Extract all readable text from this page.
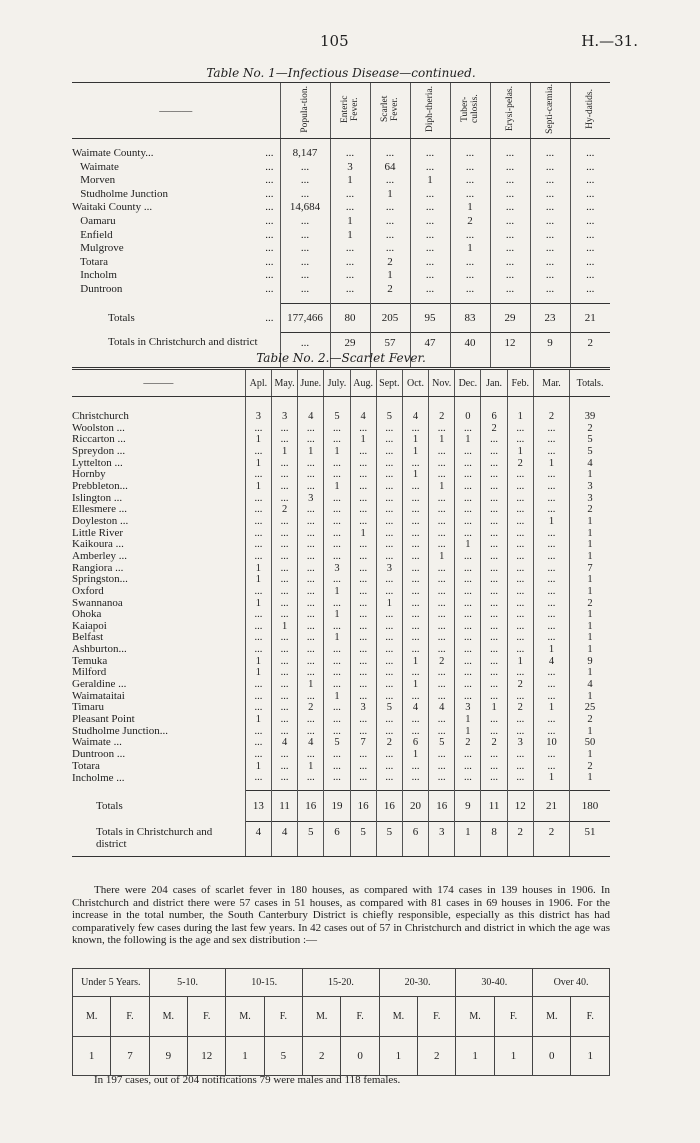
105	H.—31.
Table No. 1—Infectious Disease—continued.
———	Popula-tion.	Enteric Fever.	Scarlet Fever.	Diph-theria.	Tuber-culosis.	Erysi-pelas.	Septi-cæmia.	Hy-datids.
Waimate County... ...	8,147	...	...	...	...	...	...	...
Waimate ...	...	3	64	...	...	...	...	...
Morven ...	...	1	...	1	...	...	...	...
Studholme Junction ...	...	...	1	...	...	...	...	...
Waitaki County ... ...	14,684	...	...	...	1	...	...	...
Oamaru ...	...	1	...	...	2	...	...	...
Enfield ...	...	1	...	...	...	...	...	...
Mulgrove ...	...	...	...	...	1	...	...	...
Totara ...	...	...	2	...	...	...	...	...
Incholm ...	...	...	1	...	...	...	...	...
Duntroon ...	...	...	2	...	...	...	...	...
Totals ...	177,466	80	205	95	83	29	23	21
Totals in Christchurch and district	...	29	57	47	40	12	9	2
Table No. 2.—Scarlet Fever.
———	Apl.	May.	June.	July.	Aug.	Sept.	Oct.	Nov.	Dec.	Jan.	Feb.	Mar.	Totals.
Christchurch	3	3	4	5	4	5	4	2	0	6	1	2	39
Woolston ...	...	...	...	...	...	...	...	...	...	2	...	...	2
Riccarton ...	1	...	...	...	1	...	1	1	1	...	...	...	5
Spreydon ...	...	1	1	1	...	...	1	...	...	...	1	...	5
Lyttelton ...	1	...	...	...	...	...	...	...	...	...	2	1	4
Hornby	...	...	...	...	...	...	1	...	...	...	...	...	1
Prebbleton...	1	...	...	1	...	...	...	1	...	...	...	...	3
Islington ...	...	...	3	...	...	...	...	...	...	...	...	...	3
Ellesmere ...	...	2	...	...	...	...	...	...	...	...	...	...	2
Doyleston ...	...	...	...	...	...	...	...	...	...	...	...	1	1
Little River	...	...	...	...	1	...	...	...	...	...	...	...	1
Kaikoura ...	...	...	...	...	...	...	...	...	1	...	...	...	1
Amberley ...	...	...	...	...	...	...	...	1	...	...	...	...	1
Rangiora ...	1	...	...	3	...	3	...	...	...	...	...	...	7
Springston...	1	...	...	...	...	...	...	...	...	...	...	...	1
Oxford	...	...	...	1	...	...	...	...	...	...	...	...	1
Swannanoa	1	...	...	...	...	1	...	...	...	...	...	...	2
Ohoka	...	...	...	1	...	...	...	...	...	...	...	...	1
Kaiapoi	...	1	...	...	...	...	...	...	...	...	...	...	1
Belfast	...	...	...	1	...	...	...	...	...	...	...	...	1
Ashburton...	...	...	...	...	...	...	...	...	...	...	...	1	1
Temuka	1	...	...	...	...	...	1	2	...	...	1	4	9
Milford	1	...	...	...	...	...	...	...	...	...	...	...	1
Geraldine ...	...	...	1	...	...	...	1	...	...	...	2	...	4
Waimataitai	...	...	...	1	...	...	...	...	...	...	...	...	1
Timaru	...	...	2	...	3	5	4	4	3	1	2	1	25
Pleasant Point	1	...	...	...	...	...	...	...	1	...	...	...	2
Studholme Junction...	...	...	...	...	...	...	...	...	1	...	...	...	1
Waimate ...	...	4	4	5	7	2	6	5	2	2	3	10	50
Duntroon ...	...	...	...	...	...	...	1	...	...	...	...	...	1
Totara	1	...	1	...	...	...	...	...	...	...	...	...	2
Incholme ...	...	...	...	...	...	...	...	...	...	...	...	1	1
Totals	13	11	16	19	16	16	20	16	9	11	12	21	180
Totals in Christchurch and district	4	4	5	6	5	5	6	3	1	8	2	2	51

There were 204 cases of scarlet fever in 180 houses, as compared with 174 cases in 139 houses in 1906. In Christchurch and district there were 57 cases in 51 houses, as compared with 81 cases in 69 houses in 1906. For the increase in the total number, the South Canterbury District is chiefly responsible, especially as this district has had comparatively few cases during the last few years. In 42 cases out of 57 in Christchurch and district in which the age was known, the following is the age and sex distribution :—

Under 5 Years.		5-10.		10-15.		15-20.		20-30.		30-40.		Over 40.	
M.	F.	M.	F.	M.	F.	M.	F.	M.	F.	M.	F.	M.	F.
1	7	9	12	1	5	2	0	1	2	1	1	0	1
In 197 cases, out of 204 notifications 79 were males and 118 females.
